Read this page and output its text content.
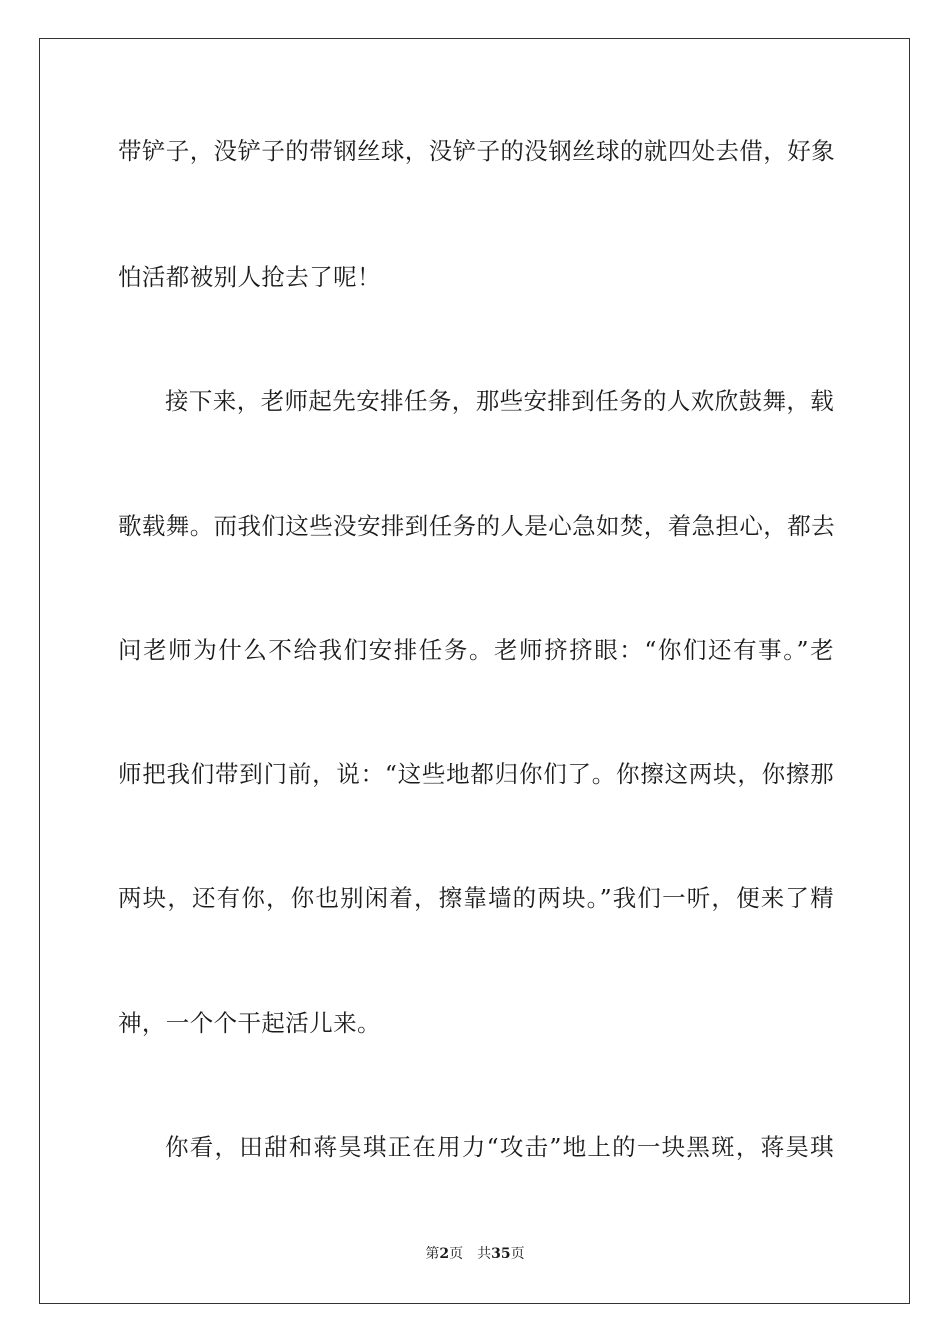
带铲子，没铲子的带钢丝球，没铲子的没钢丝球的就四处去借，好象
怕活都被别人抢去了呢！
接下来，老师起先安排任务，那些安排到任务的人欢欣鼓舞，载
歌载舞。而我们这些没安排到任务的人是心急如焚，着急担心，都去
问老师为什么不给我们安排任务。老师挤挤眼：“你们还有事。”老
师把我们带到门前，说：“这些地都归你们了。你擦这两块，你擦那
两块，还有你，你也别闲着，擦靠墙的两块。”我们一听，便来了精
神，一个个干起活儿来。
你看，田甜和蒋昊琪正在用力“攻击”地上的一块黑斑，蒋昊琪
第2页 共35页
